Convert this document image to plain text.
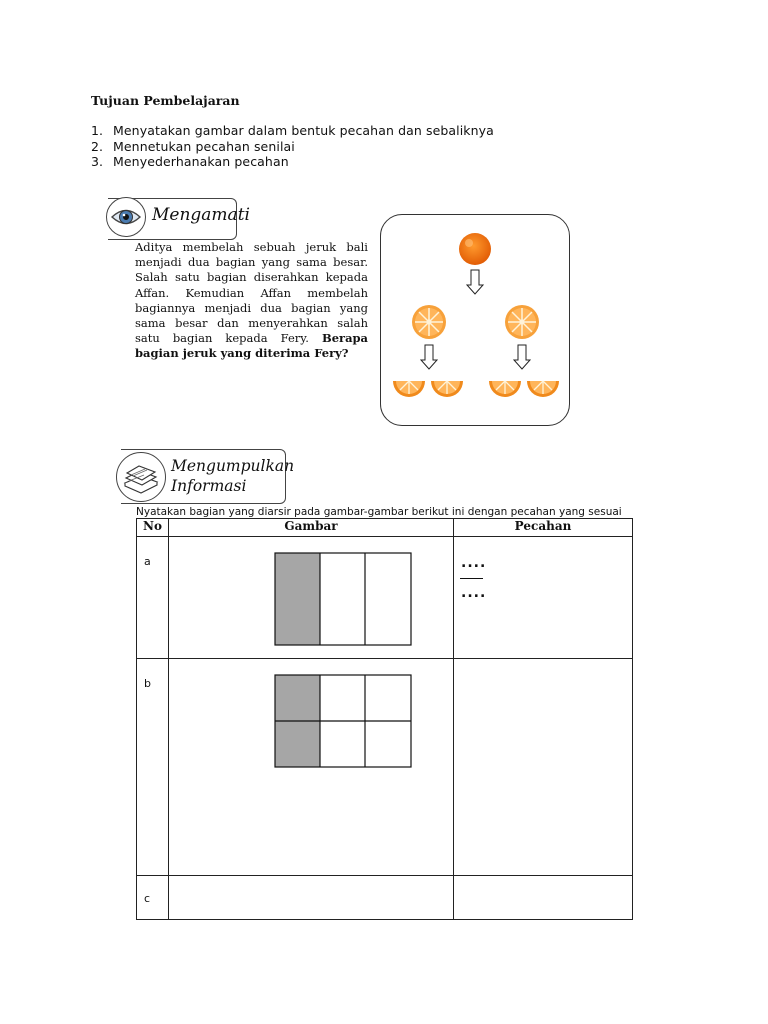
Tujuan Pembelajaran
1. Menyatakan gambar dalam bentuk pecahan dan sebaliknya
2. Mennetukan pecahan senilai
3. Menyederhanakan pecahan
Mengamati
Aditya membelah sebuah jeruk bali menjadi dua bagian yang sama besar. Salah satu bagian diserahkan kepada Affan. Kemudian Affan membelah bagiannya menjadi dua bagian yang sama besar dan menyerahkan salah satu bagian kepada Fery. Berapa bagian jeruk yang diterima Fery?
Mengumpulkan
Informasi
Nyatakan bagian yang diarsir pada gambar-gambar berikut ini dengan pecahan yang sesuai
No	Gambar	Pecahan

a		....
....

b

c		
